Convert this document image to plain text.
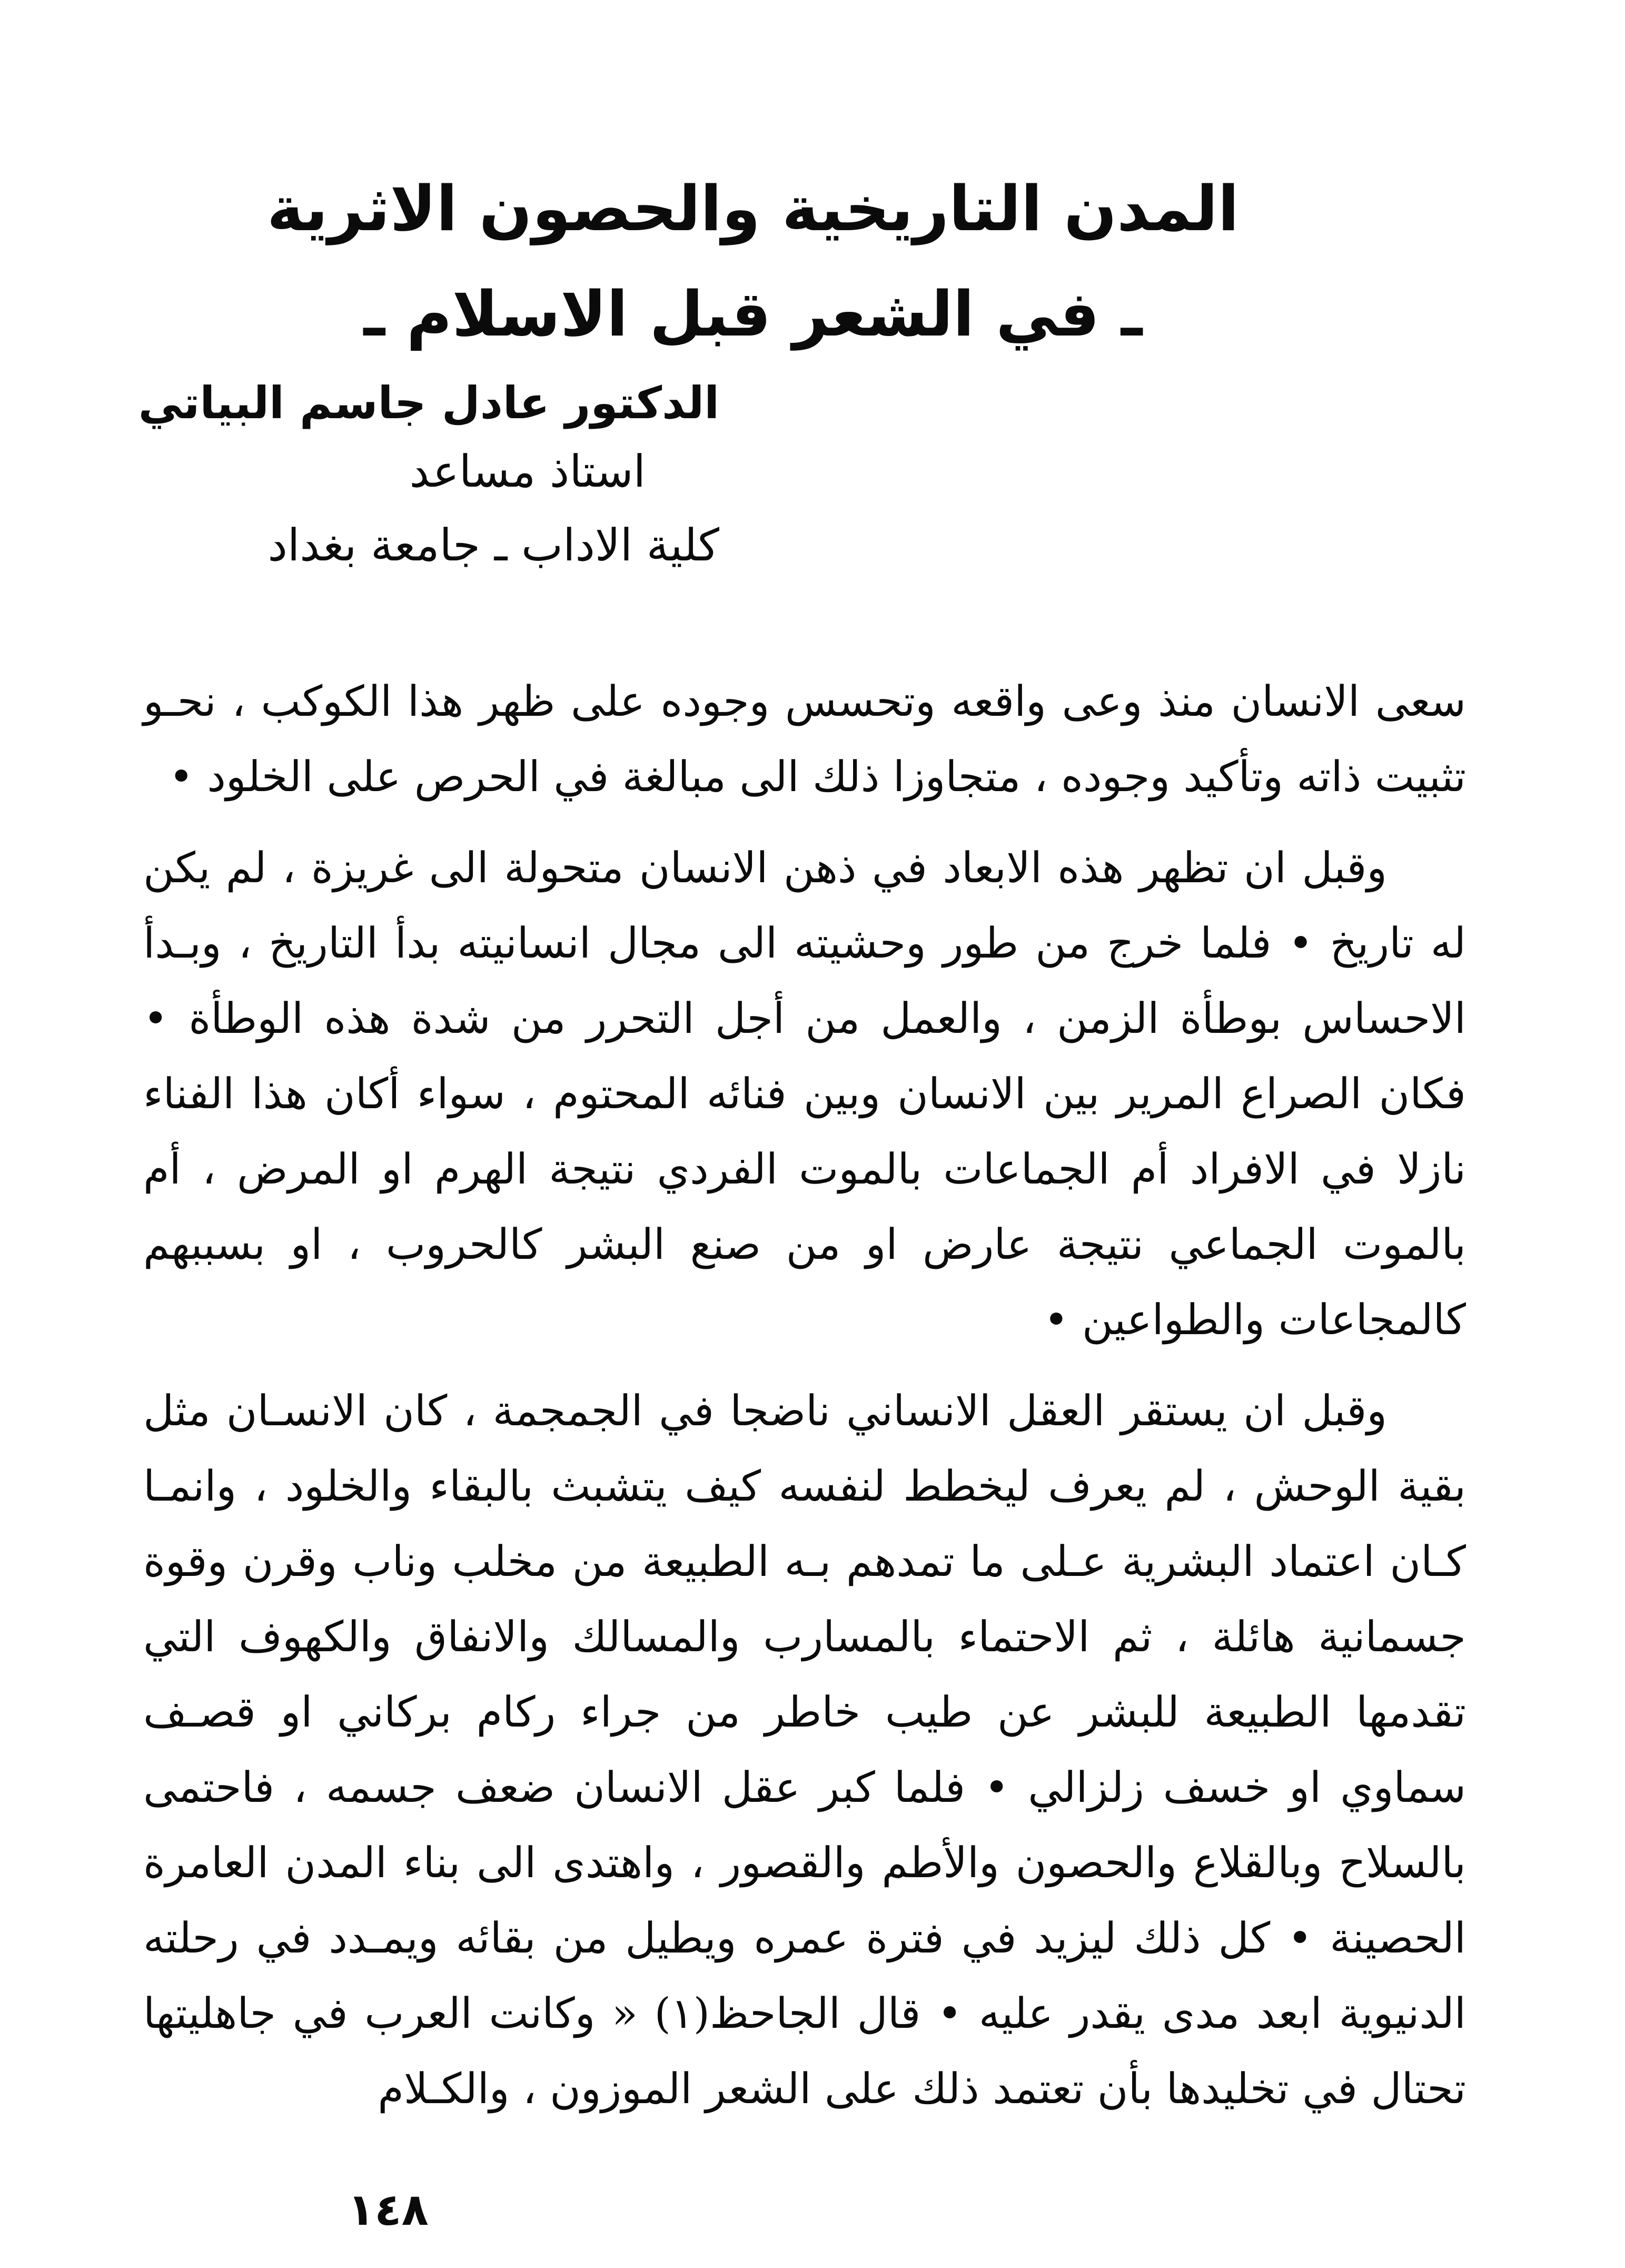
المدن التاريخية والحصون الاثرية
ـ في الشعر قبل الاسلام ـ
الدكتور عادل جاسم البياتي
استاذ مساعد
كلية الاداب ـ جامعة بغداد

سعى الانسان منذ وعى واقعه وتحسس وجوده على ظهر هذا الكوكب ، نحـو تثبيت ذاته وتأكيد وجوده ، متجاوزا ذلك الى مبالغة في الحرص على الخلود •

وقبل ان تظهر هذه الابعاد في ذهن الانسان متحولة الى غريزة ، لم يكن له تاريخ • فلما خرج من طور وحشيته الى مجال انسانيته بدأ التاريخ ، وبـدأ الاحساس بوطأة الزمن ، والعمل من أجل التحرر من شدة هذه الوطأة • فكان الصراع المرير بين الانسان وبين فنائه المحتوم ، سواء أكان هذا الفناء نازلا في الافراد أم الجماعات بالموت الفردي نتيجة الهرم او المرض ، أم بالموت الجماعي نتيجة عارض او من صنع البشر كالحروب ، او بسببهم كالمجاعات والطواعين •

وقبل ان يستقر العقل الانساني ناضجا في الجمجمة ، كان الانسـان مثل بقية الوحش ، لم يعرف ليخطط لنفسه كيف يتشبث بالبقاء والخلود ، وانمـا كـان اعتماد البشرية عـلى ما تمدهم بـه الطبيعة من مخلب وناب وقرن وقوة جسمانية هائلة ، ثم الاحتماء بالمسارب والمسالك والانفاق والكهوف التي تقدمها الطبيعة للبشر عن طيب خاطر من جراء ركام بركاني او قصـف سماوي او خسف زلزالي • فلما كبر عقل الانسان ضعف جسمه ، فاحتمى بالسلاح وبالقلاع والحصون والأطم والقصور ، واهتدى الى بناء المدن العامرة الحصينة • كل ذلك ليزيد في فترة عمره ويطيل من بقائه ويمـدد في رحلته الدنيوية ابعد مدى يقدر عليه • قال الجاحظ(١) « وكانت العرب في جاهليتها تحتال في تخليدها بأن تعتمد ذلك على الشعر الموزون ، والكـلام

١٤٨
